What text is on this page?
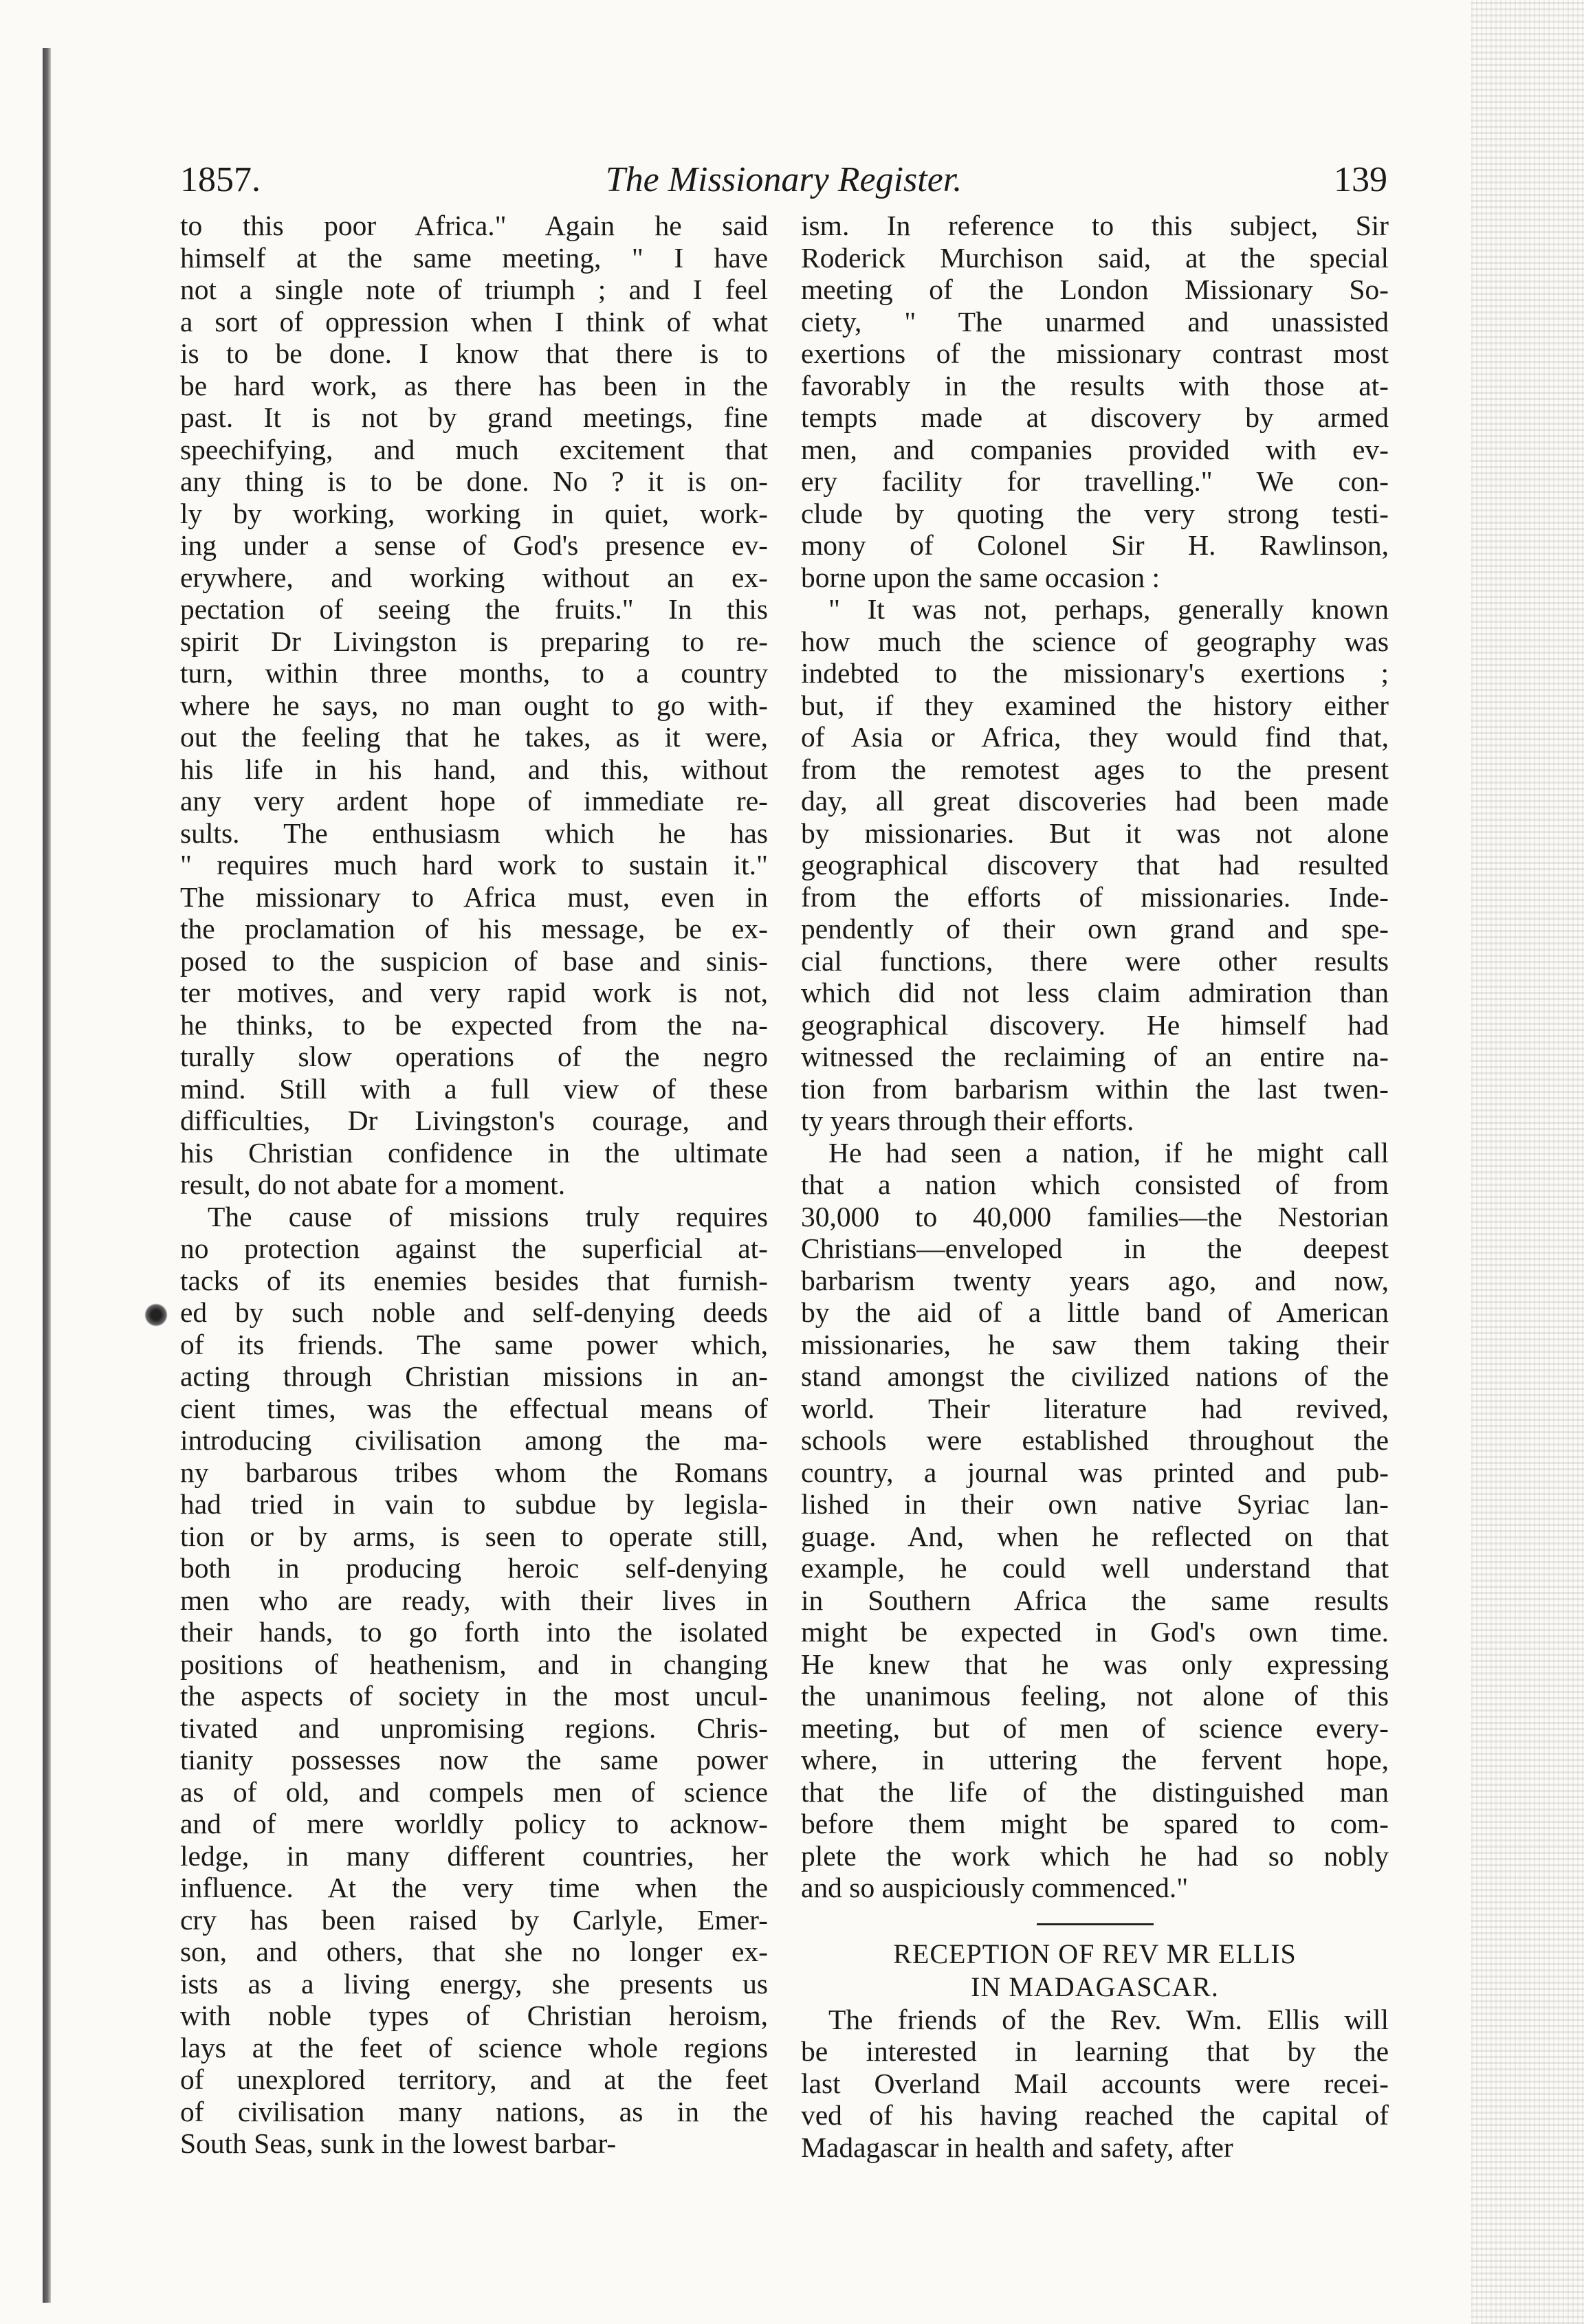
1857.	The Missionary Register.	139
to this poor Africa." Again he said
himself at the same meeting, " I have
not a single note of triumph ; and I feel
a sort of oppression when I think of what
is to be done. I know that there is to
be hard work, as there has been in the
past. It is not by grand meetings, fine
speechifying, and much excitement that
any thing is to be done. No ? it is on-
ly by working, working in quiet, work-
ing under a sense of God's presence ev-
erywhere, and working without an ex-
pectation of seeing the fruits." In this
spirit Dr Livingston is preparing to re-
turn, within three months, to a country
where he says, no man ought to go with-
out the feeling that he takes, as it were,
his life in his hand, and this, without
any very ardent hope of immediate re-
sults. The enthusiasm which he has
" requires much hard work to sustain it."
The missionary to Africa must, even in
the proclamation of his message, be ex-
posed to the suspicion of base and sinis-
ter motives, and very rapid work is not,
he thinks, to be expected from the na-
turally slow operations of the negro
mind. Still with a full view of these
difficulties, Dr Livingston's courage, and
his Christian confidence in the ultimate
result, do not abate for a moment.
The cause of missions truly requires
no protection against the superficial at-
tacks of its enemies besides that furnish-
ed by such noble and self-denying deeds
of its friends. The same power which,
acting through Christian missions in an-
cient times, was the effectual means of
introducing civilisation among the ma-
ny barbarous tribes whom the Romans
had tried in vain to subdue by legisla-
tion or by arms, is seen to operate still,
both in producing heroic self-denying
men who are ready, with their lives in
their hands, to go forth into the isolated
positions of heathenism, and in changing
the aspects of society in the most uncul-
tivated and unpromising regions. Chris-
tianity possesses now the same power
as of old, and compels men of science
and of mere worldly policy to acknow-
ledge, in many different countries, her
influence. At the very time when the
cry has been raised by Carlyle, Emer-
son, and others, that she no longer ex-
ists as a living energy, she presents us
with noble types of Christian heroism,
lays at the feet of science whole regions
of unexplored territory, and at the feet
of civilisation many nations, as in the
South Seas, sunk in the lowest barbar-
ism. In reference to this subject, Sir
Roderick Murchison said, at the special
meeting of the London Missionary So-
ciety, " The unarmed and unassisted
exertions of the missionary contrast most
favorably in the results with those at-
tempts made at discovery by armed
men, and companies provided with ev-
ery facility for travelling." We con-
clude by quoting the very strong testi-
mony of Colonel Sir H. Rawlinson,
borne upon the same occasion :
" It was not, perhaps, generally known
how much the science of geography was
indebted to the missionary's exertions ;
but, if they examined the history either
of Asia or Africa, they would find that,
from the remotest ages to the present
day, all great discoveries had been made
by missionaries. But it was not alone
geographical discovery that had resulted
from the efforts of missionaries. Inde-
pendently of their own grand and spe-
cial functions, there were other results
which did not less claim admiration than
geographical discovery. He himself had
witnessed the reclaiming of an entire na-
tion from barbarism within the last twen-
ty years through their efforts.
He had seen a nation, if he might call
that a nation which consisted of from
30,000 to 40,000 families—the Nestorian
Christians—enveloped in the deepest
barbarism twenty years ago, and now,
by the aid of a little band of American
missionaries, he saw them taking their
stand amongst the civilized nations of the
world. Their literature had revived,
schools were established throughout the
country, a journal was printed and pub-
lished in their own native Syriac lan-
guage. And, when he reflected on that
example, he could well understand that
in Southern Africa the same results
might be expected in God's own time.
He knew that he was only expressing
the unanimous feeling, not alone of this
meeting, but of men of science every-
where, in uttering the fervent hope,
that the life of the distinguished man
before them might be spared to com-
plete the work which he had so nobly
and so auspiciously commenced."
RECEPTION OF REV MR ELLIS
IN MADAGASCAR.
The friends of the Rev. Wm. Ellis will
be interested in learning that by the
last Overland Mail accounts were recei-
ved of his having reached the capital of
Madagascar in health and safety, after
